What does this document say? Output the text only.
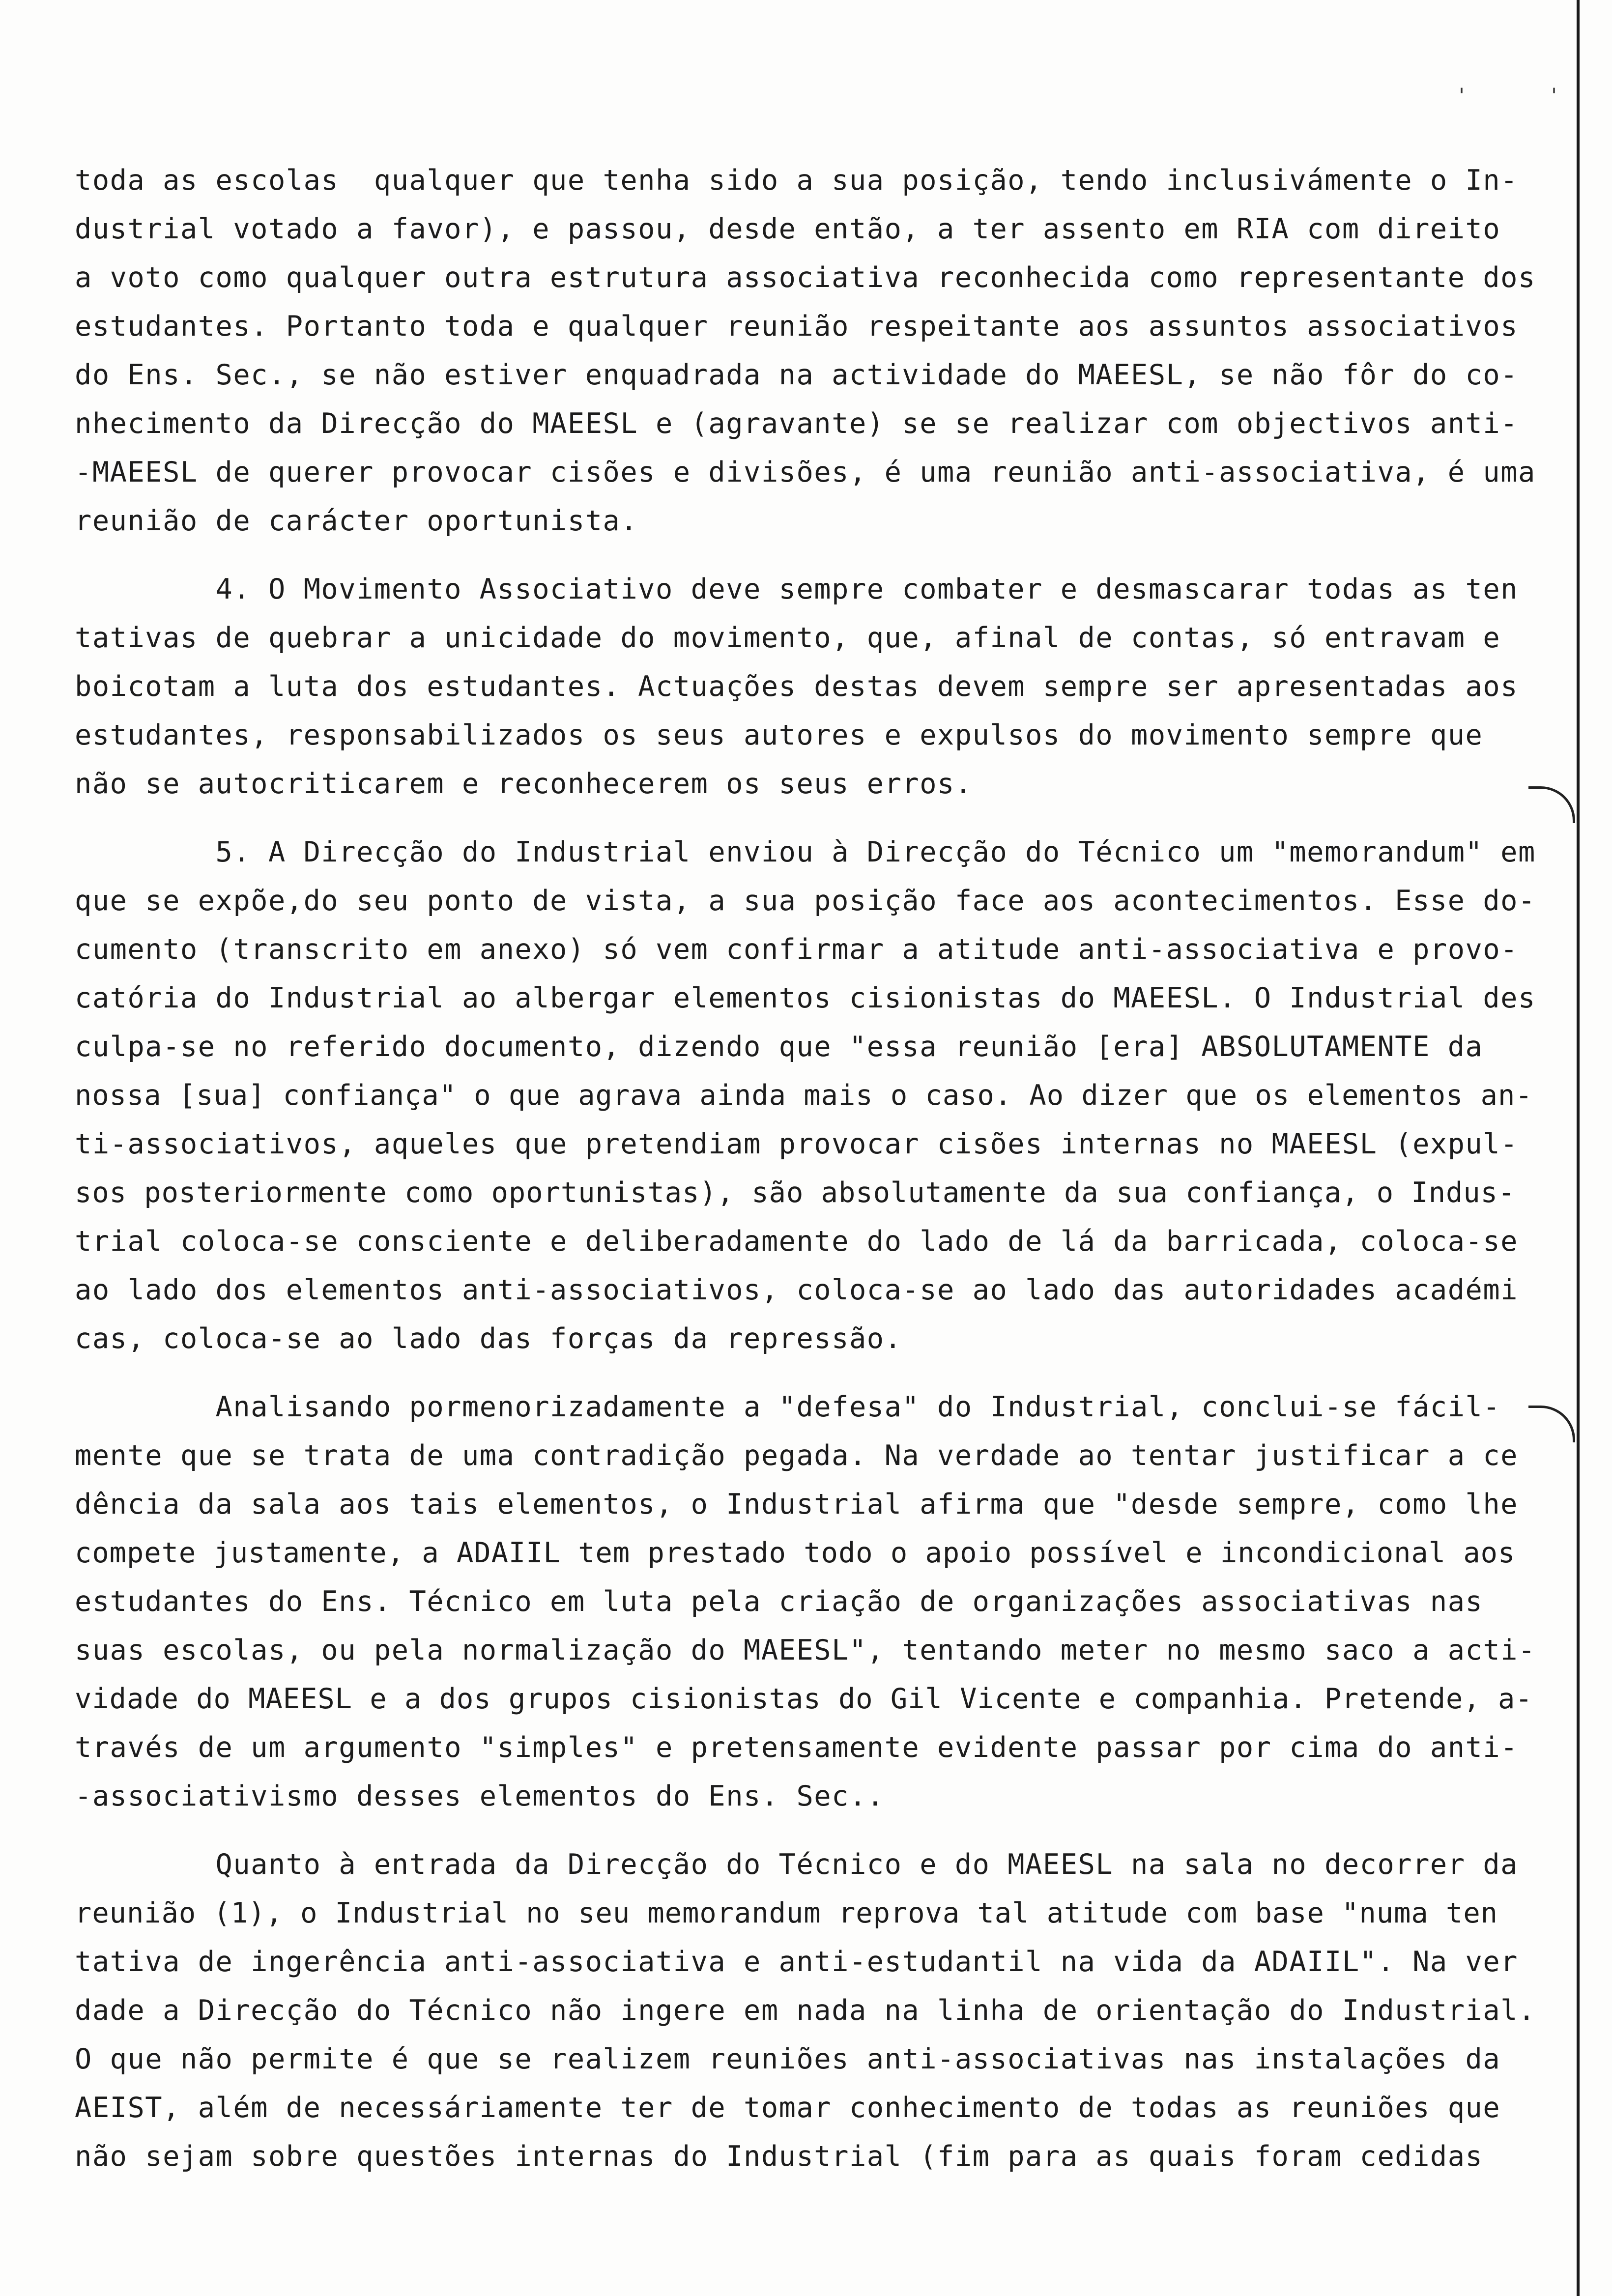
'	'
toda as escolas  qualquer que tenha sido a sua posição, tendo inclusivámente o In-
dustrial votado a favor), e passou, desde então, a ter assento em RIA com direito
a voto como qualquer outra estrutura associativa reconhecida como representante dos
estudantes. Portanto toda e qualquer reunião respeitante aos assuntos associativos
do Ens. Sec., se não estiver enquadrada na actividade do MAEESL, se não fôr do co-
nhecimento da Direcção do MAEESL e (agravante) se se realizar com objectivos anti-
-MAEESL de querer provocar cisões e divisões, é uma reunião anti-associativa, é uma
reunião de carácter oportunista.
4. O Movimento Associativo deve sempre combater e desmascarar todas as ten
tativas de quebrar a unicidade do movimento, que, afinal de contas, só entravam e
boicotam a luta dos estudantes. Actuações destas devem sempre ser apresentadas aos
estudantes, responsabilizados os seus autores e expulsos do movimento sempre que
não se autocriticarem e reconhecerem os seus erros.
5. A Direcção do Industrial enviou à Direcção do Técnico um "memorandum" em
que se expõe,do seu ponto de vista, a sua posição face aos acontecimentos. Esse do-
cumento (transcrito em anexo) só vem confirmar a atitude anti-associativa e provo-
catória do Industrial ao albergar elementos cisionistas do MAEESL. O Industrial des
culpa-se no referido documento, dizendo que "essa reunião [era] ABSOLUTAMENTE da
nossa [sua] confiança" o que agrava ainda mais o caso. Ao dizer que os elementos an-
ti-associativos, aqueles que pretendiam provocar cisões internas no MAEESL (expul-
sos posteriormente como oportunistas), são absolutamente da sua confiança, o Indus-
trial coloca-se consciente e deliberadamente do lado de lá da barricada, coloca-se
ao lado dos elementos anti-associativos, coloca-se ao lado das autoridades académi
cas, coloca-se ao lado das forças da repressão.
Analisando pormenorizadamente a "defesa" do Industrial, conclui-se fácil-
mente que se trata de uma contradição pegada. Na verdade ao tentar justificar a ce
dência da sala aos tais elementos, o Industrial afirma que "desde sempre, como lhe
compete justamente, a ADAIIL tem prestado todo o apoio possível e incondicional aos
estudantes do Ens. Técnico em luta pela criação de organizações associativas nas
suas escolas, ou pela normalização do MAEESL", tentando meter no mesmo saco a acti-
vidade do MAEESL e a dos grupos cisionistas do Gil Vicente e companhia. Pretende, a-
través de um argumento "simples" e pretensamente evidente passar por cima do anti-
-associativismo desses elementos do Ens. Sec..
Quanto à entrada da Direcção do Técnico e do MAEESL na sala no decorrer da
reunião (1), o Industrial no seu memorandum reprova tal atitude com base "numa ten
tativa de ingerência anti-associativa e anti-estudantil na vida da ADAIIL". Na ver
dade a Direcção do Técnico não ingere em nada na linha de orientação do Industrial.
O que não permite é que se realizem reuniões anti-associativas nas instalações da
AEIST, além de necessáriamente ter de tomar conhecimento de todas as reuniões que
não sejam sobre questões internas do Industrial (fim para as quais foram cedidas
